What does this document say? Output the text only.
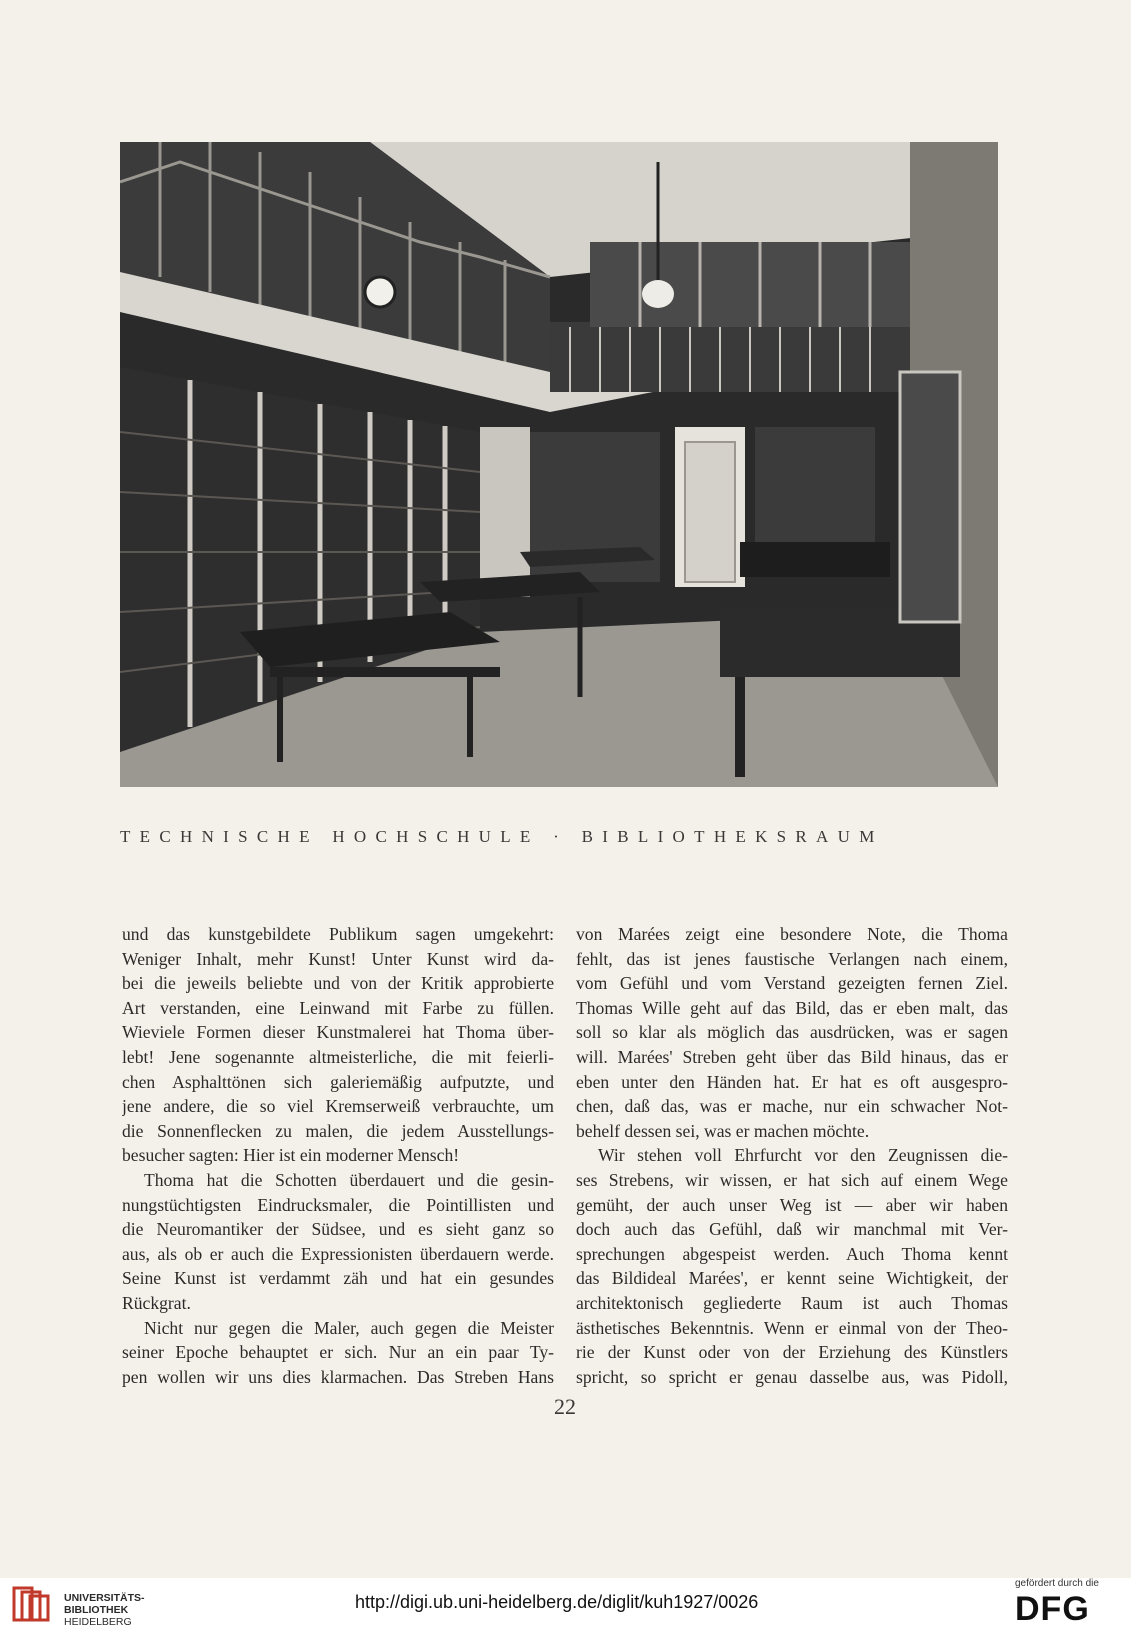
TECHNISCHE HOCHSCHULE · BIBLIOTHEKSRAUM
und das kunstgebildete Publikum sagen umgekehrt:
Weniger Inhalt, mehr Kunst! Unter Kunst wird da-
bei die jeweils beliebte und von der Kritik approbierte
Art verstanden, eine Leinwand mit Farbe zu füllen.
Wieviele Formen dieser Kunstmalerei hat Thoma über-
lebt! Jene sogenannte altmeisterliche, die mit feierli-
chen Asphalttönen sich galeriemäßig aufputzte, und
jene andere, die so viel Kremserweiß verbrauchte, um
die Sonnenflecken zu malen, die jedem Ausstellungs-
besucher sagten: Hier ist ein moderner Mensch!
Thoma hat die Schotten überdauert und die gesin-
nungstüchtigsten Eindrucksmaler, die Pointillisten und
die Neuromantiker der Südsee, und es sieht ganz so
aus, als ob er auch die Expressionisten überdauern werde.
Seine Kunst ist verdammt zäh und hat ein gesundes
Rückgrat.
Nicht nur gegen die Maler, auch gegen die Meister
seiner Epoche behauptet er sich. Nur an ein paar Ty-
pen wollen wir uns dies klarmachen. Das Streben Hans
von Marées zeigt eine besondere Note, die Thoma
fehlt, das ist jenes faustische Verlangen nach einem,
vom Gefühl und vom Verstand gezeigten fernen Ziel.
Thomas Wille geht auf das Bild, das er eben malt, das
soll so klar als möglich das ausdrücken, was er sagen
will. Marées' Streben geht über das Bild hinaus, das er
eben unter den Händen hat. Er hat es oft ausgespro-
chen, daß das, was er mache, nur ein schwacher Not-
behelf dessen sei, was er machen möchte.
Wir stehen voll Ehrfurcht vor den Zeugnissen die-
ses Strebens, wir wissen, er hat sich auf einem Wege
gemüht, der auch unser Weg ist — aber wir haben
doch auch das Gefühl, daß wir manchmal mit Ver-
sprechungen abgespeist werden. Auch Thoma kennt
das Bildideal Marées', er kennt seine Wichtigkeit, der
architektonisch gegliederte Raum ist auch Thomas
ästhetisches Bekenntnis. Wenn er einmal von der Theo-
rie der Kunst oder von der Erziehung des Künstlers
spricht, so spricht er genau dasselbe aus, was Pidoll,
22
UNIVERSITÄTS-
BIBLIOTHEK
HEIDELBERG
http://digi.ub.uni-heidelberg.de/diglit/kuh1927/0026
gefördert durch die
DFG
